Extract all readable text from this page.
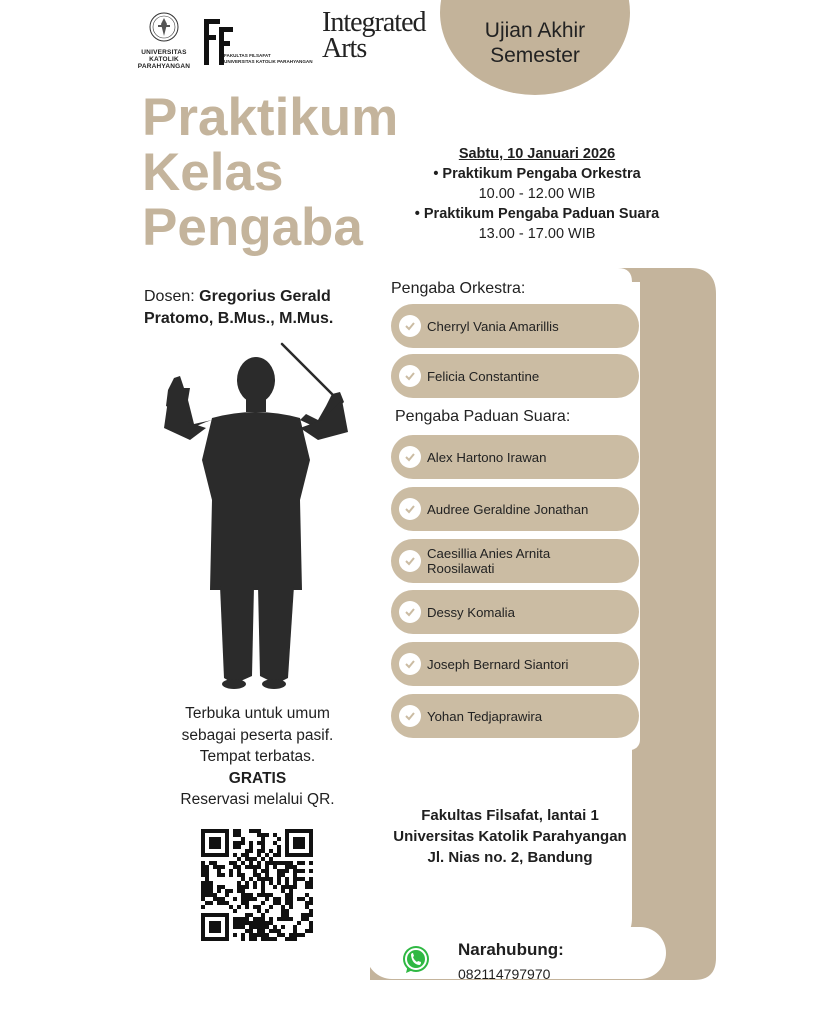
UNIVERSITAS
KATOLIK
PARAHYANGAN
FAKULTAS FILSAFAT
UNIVERSITAS KATOLIK PARAHYANGAN
Integrated
Arts
Ujian Akhir
Semester
Praktikum
Kelas
Pengaba
Sabtu, 10 Januari 2026
• Praktikum Pengaba Orkestra
10.00 - 12.00 WIB
• Praktikum Pengaba Paduan Suara
13.00 - 17.00 WIB
Dosen: Gregorius Gerald Pratomo, B.Mus., M.Mus.
Terbuka untuk umum
sebagai peserta pasif.
Tempat terbatas.
GRATIS
Reservasi melalui QR.
Pengaba Orkestra:
Cherryl Vania Amarillis
Felicia Constantine
Pengaba Paduan Suara:
Alex Hartono Irawan
Audree Geraldine Jonathan
Caesillia Anies Arnita Roosilawati
Dessy Komalia
Joseph Bernard Siantori
Yohan Tedjaprawira
Fakultas Filsafat, lantai 1
Universitas Katolik Parahyangan
Jl. Nias no. 2, Bandung
Narahubung:
082114797970
